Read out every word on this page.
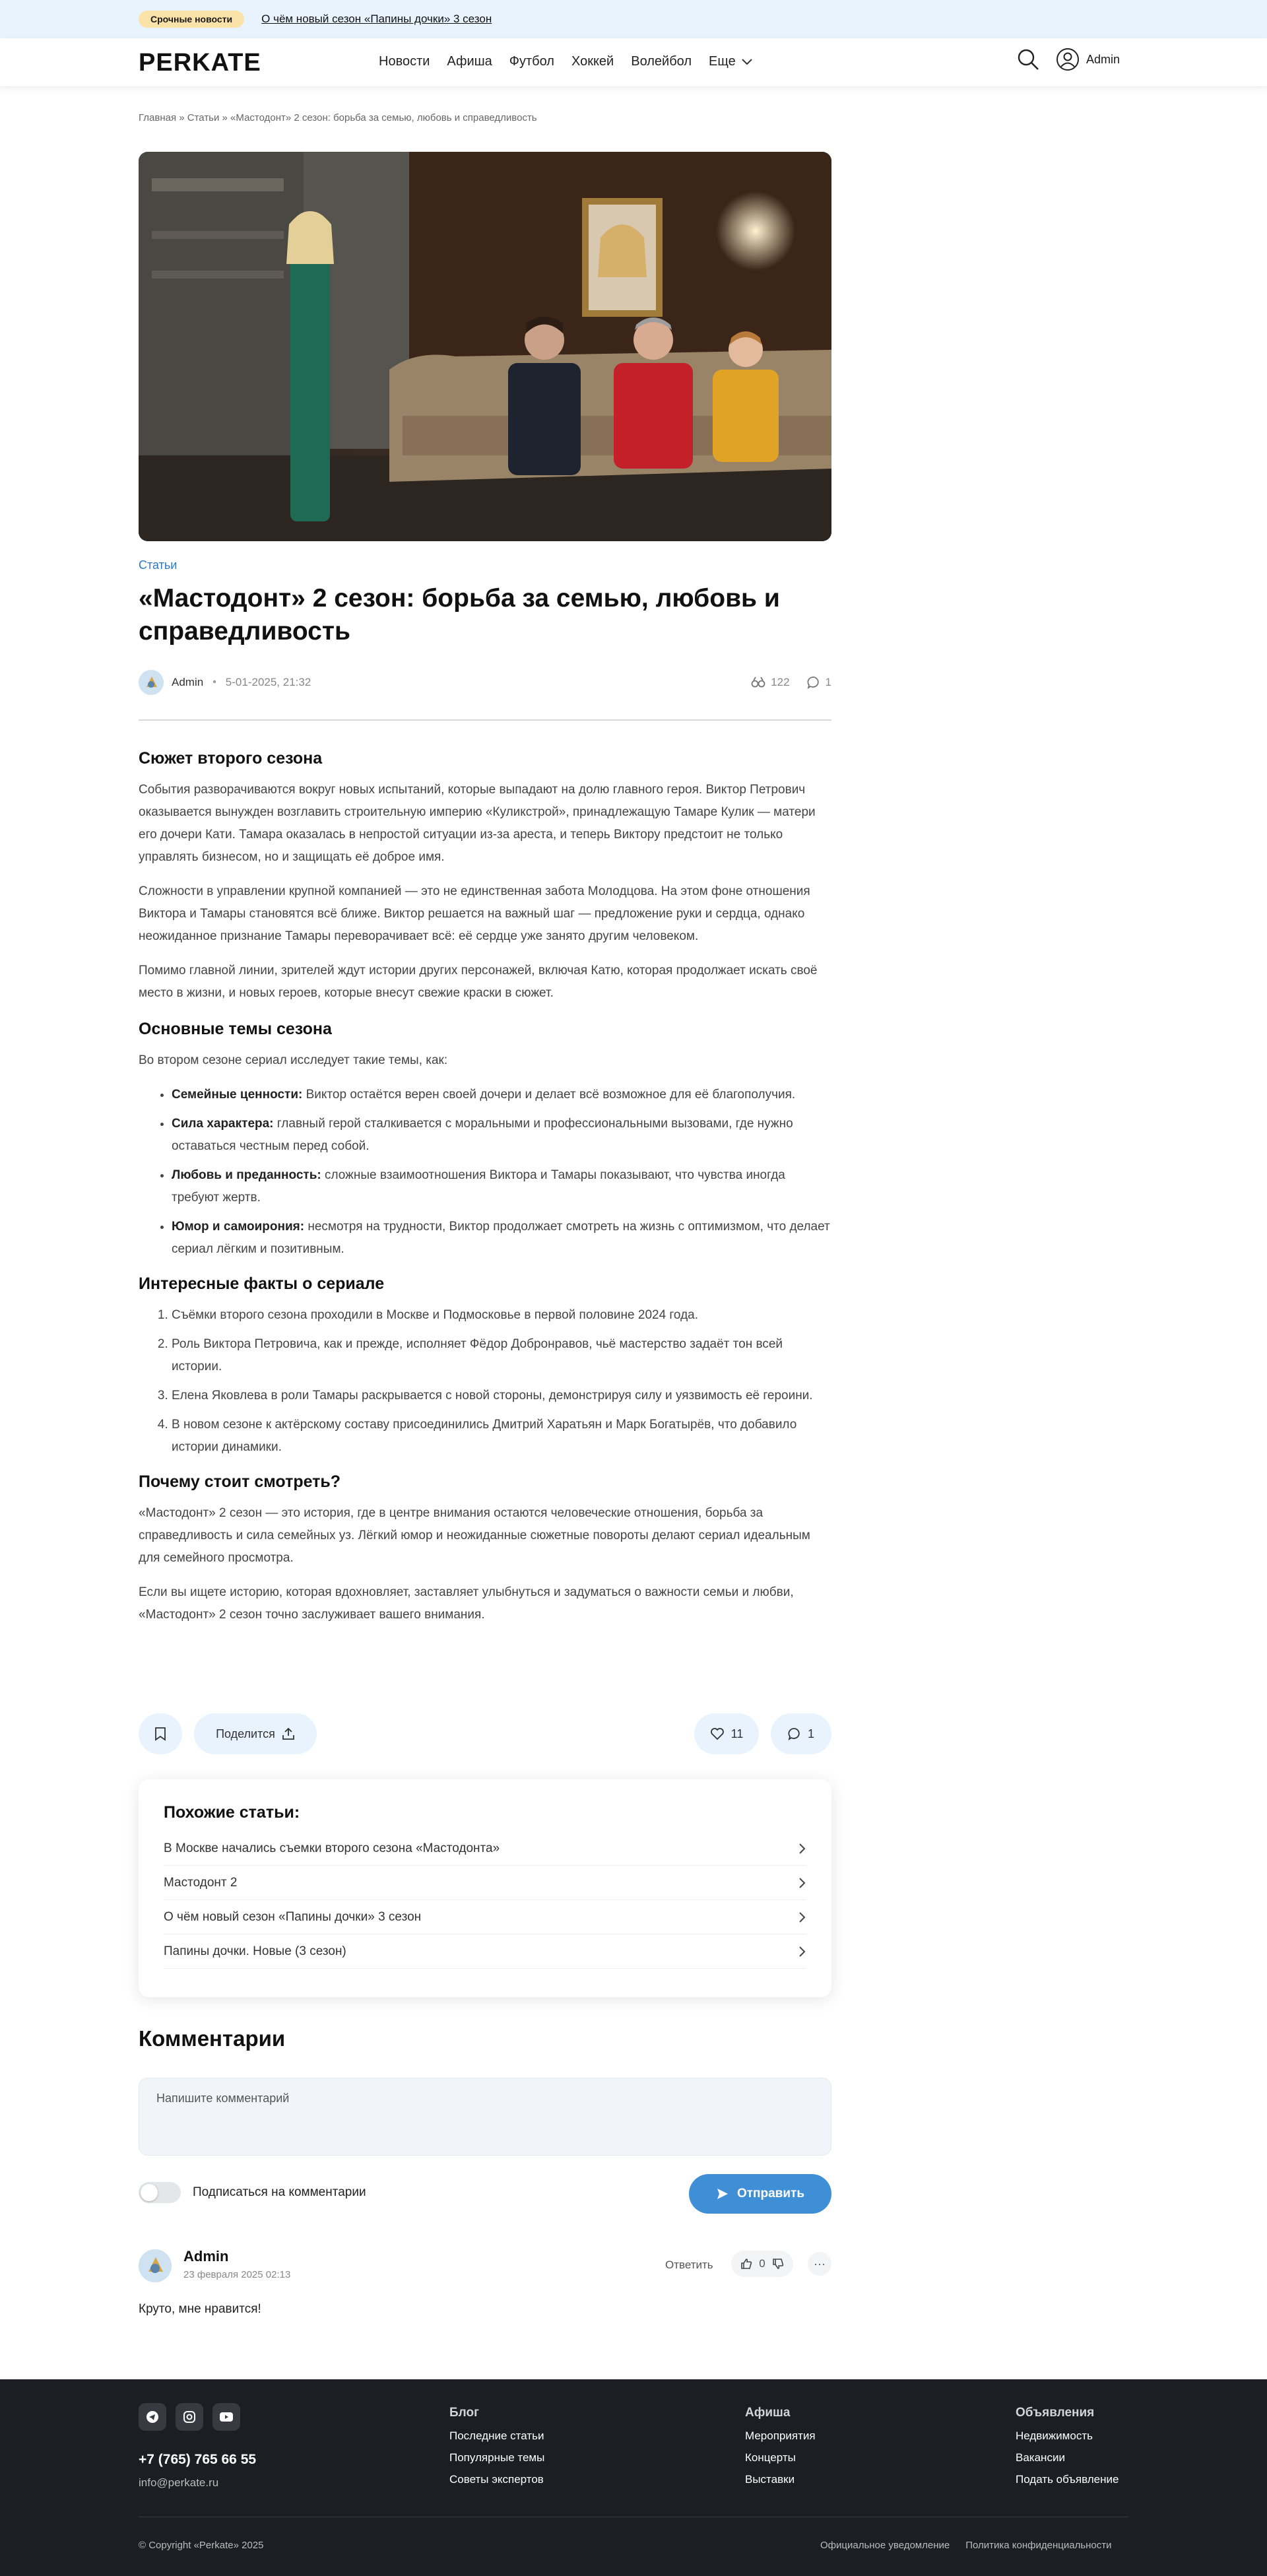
Срочные новости	О чём новый сезон «Папины дочки» 3 сезон
PERKATE	Новости Афиша Футбол Хоккей Волейбол Еще	Admin
Главная » Статьи » «Мастодонт» 2 сезон: борьба за семью, любовь и справедливость
Статьи
«Мастодонт» 2 сезон: борьба за семью, любовь и справедливость
Admin • 5-01-2025, 21:32	122	1
Сюжет второго сезона

События разворачиваются вокруг новых испытаний, которые выпадают на долю главного героя. Виктор Петрович оказывается вынужден возглавить строительную империю «Куликстрой», принадлежащую Тамаре Кулик — матери его дочери Кати. Тамара оказалась в непростой ситуации из-за ареста, и теперь Виктору предстоит не только управлять бизнесом, но и защищать её доброе имя.

Сложности в управлении крупной компанией — это не единственная забота Молодцова. На этом фоне отношения Виктора и Тамары становятся всё ближе. Виктор решается на важный шаг — предложение руки и сердца, однако неожиданное признание Тамары переворачивает всё: её сердце уже занято другим человеком.

Помимо главной линии, зрителей ждут истории других персонажей, включая Катю, которая продолжает искать своё место в жизни, и новых героев, которые внесут свежие краски в сюжет.

Основные темы сезона

Во втором сезоне сериал исследует такие темы, как:

• Семейные ценности: Виктор остаётся верен своей дочери и делает всё возможное для её благополучия.
• Сила характера: главный герой сталкивается с моральными и профессиональными вызовами, где нужно оставаться честным перед собой.
• Любовь и преданность: сложные взаимоотношения Виктора и Тамары показывают, что чувства иногда требуют жертв.
• Юмор и самоирония: несмотря на трудности, Виктор продолжает смотреть на жизнь с оптимизмом, что делает сериал лёгким и позитивным.
Интересные факты о сериале
1. Съёмки второго сезона проходили в Москве и Подмосковье в первой половине 2024 года.
2. Роль Виктора Петровича, как и прежде, исполняет Фёдор Добронравов, чьё мастерство задаёт тон всей истории.
3. Елена Яковлева в роли Тамары раскрывается с новой стороны, демонстрируя силу и уязвимость её героини.
4. В новом сезоне к актёрскому составу присоединились Дмитрий Харатьян и Марк Богатырёв, что добавило истории динамики.
Почему стоит смотреть?

«Мастодонт» 2 сезон — это история, где в центре внимания остаются человеческие отношения, борьба за справедливость и сила семейных уз. Лёгкий юмор и неожиданные сюжетные повороты делают сериал идеальным для семейного просмотра.

Если вы ищете историю, которая вдохновляет, заставляет улыбнуться и задуматься о важности семьи и любви, «Мастодонт» 2 сезон точно заслуживает вашего внимания.

Поделится	11	1
Похожие статьи:
В Москве начались съемки второго сезона «Мастодонта»
Мастодонт 2
О чём новый сезон «Папины дочки» 3 сезон
Папины дочки. Новые (3 сезон)
Комментарии
Напишите комментарий
Подписаться на комментарии	Отправить
Admin
23 февраля 2025 02:13
Ответить	0	···
Круто, мне нравится!
+7 (765) 765 66 55
info@perkate.ru
Блог
Последние статьи
Популярные темы
Советы экспертов
Афиша
Мероприятия
Концерты
Выставки
Объявления
Недвижимость
Вакансии
Подать объявление
© Copyright «Perkate» 2025	Официальное уведомление Политика конфиденциальности
